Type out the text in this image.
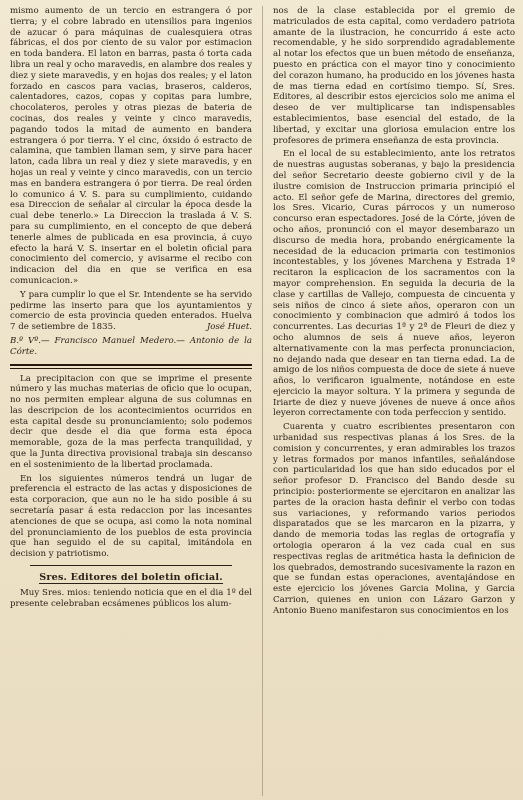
mismo aumento de un tercio en estrangera ó por tierra; y el cobre labrado en utensilios para ingenios de azucar ó para máquinas de cualesquiera otras fábricas, el dos por ciento de su valor por estimacion en toda bandera. El laton en barras, pasta ó torta cada libra un real y ocho maravedis, en alambre dos reales y diez y siete maravedis, y en hojas dos reales; y el laton forzado en cascos para vacias, braseros, calderos, calentadores, cazos, copas y copitas para lumbre, chocolateros, peroles y otras piezas de bateria de cocinas, dos reales y veinte y cinco maravedis, pagando todos la mitad de aumento en bandera estrangera ó por tierra. Y el cinc, óxsido ó estracto de calamina, que tambien llaman sem, y sirve para hacer laton, cada libra un real y diez y siete maravedis, y en hojas un real y veinte y cinco maravedis, con un tercio mas en bandera estrangera ó por tierra. De real órden lo comunico á V. S. para su cumplimiento, cuidando esa Direccion de señalar al circular la época desde la cual debe tenerlo.» La Direccion la traslada á V. S. para su cumplimiento, en el concepto de que deberá tenerle almes de publicada en esa provincia, á cuyo efecto la hará V. S. insertar en el boletin oficial para conocimiento del comercio, y avisarme el recibo con indicacion del dia en que se verifica en esa comunicacion.»

Y para cumplir lo que el Sr. Intendente se ha servido pedirme las inserto para que los ayuntamientos y comercio de esta provincia queden enterados. Huelva 7 de setiembre de 1835.	José Huet.

B.º Vº.— Francisco Manuel Medero.— Antonio de la Córte.

La precipitacion con que se imprime el presente número y las muchas materias de oficio que lo ocupan, no nos permiten emplear alguna de sus columnas en las descripcion de los acontecimientos ocurridos en esta capital desde su pronunciamiento; solo podemos decir que desde el dia que forma esta época memorable, goza de la mas perfecta tranquilidad, y que la Junta directiva provisional trabaja sin descanso en el sostenimiento de la libertad proclamada.

En los siguientes números tendrá un lugar de preferencia el estracto de las actas y disposiciones de esta corporacion, que aun no le ha sido posible á su secretaría pasar á esta redaccion por las incesantes atenciones de que se ocupa, asi como la nota nominal del pronunciamiento de los pueblos de esta provincia que han seguido el de su capital, imitándola en decision y patriotismo.

Sres. Editores del boletin oficial.

Muy Sres. mios: teniendo noticia que en el dia 1º del presente celebraban ecsámenes públicos los alum-

nos de la clase establecida por el gremio de matriculados de esta capital, como verdadero patriota amante de la ilustracion, he concurrido á este acto recomendable, y he sido sorprendido agradablemente al notar los efectos que un buen método de enseñanza, puesto en práctica con el mayor tino y conocimiento del corazon humano, ha producido en los jóvenes hasta de mas tierna edad en cortísimo tiempo. Sí, Sres. Editores, al describir estos ejercicios solo me anima el deseo de ver multiplicarse tan indispensables establecimientos, base esencial del estado, de la libertad, y excitar una gloriosa emulacion entre los profesores de primera enseñanza de esta provincia.

En el local de su establecimiento, ante los retratos de nuestras augustas soberanas, y bajo la presidencia del señor Secretario deeste gobierno civil y de la ilustre comision de Instruccion primaria principió el acto. El señor gefe de Marina, directores del gremio, los Sres. Vicario, Curas párrocos y un numeroso concurso eran espectadores. José de la Córte, jóven de ocho años, pronunció con el mayor desembarazo un discurso de media hora, probando enérgicamente la necesidad de la educacion primaria con testimonios incontestables, y los jóvenes Marchena y Estrada 1º recitaron la esplicacion de los sacramentos con la mayor comprehension. En seguida la decuria de la clase y cartillas de Vallejo, compuesta de cincuenta y seis niños de cinco á siete años, operaron con un conocimiento y combinacion que admiró á todos los concurrentes. Las decurias 1ª y 2ª de Fleuri de diez y ocho alumnos de seis á nueve años, leyeron alternativamente con la mas perfecta pronunciacion, no dejando nada que desear en tan tierna edad. La de amigo de los niños compuesta de doce de siete á nueve años, lo verificaron igualmente, notándose en este ejercicio la mayor soltura. Y la primera y segunda de Iriarte de diez y nueve jóvenes de nueve á once años leyeron correctamente con toda perfeccion y sentido.

Cuarenta y cuatro escribientes presentaron con urbanidad sus respectivas planas á los Sres. de la comision y concurrentes, y eran admirables los trazos y letras formados por manos infantiles, señalándose con particularidad los que han sido educados por el señor profesor D. Francisco del Bando desde su principio: posteriormente se ejercitaron en analizar las partes de la oracion hasta definir el verbo con todas sus variaciones, y reformando varios periodos disparatados que se les marcaron en la pizarra, y dando de memoria todas las reglas de ortografía y ortologia operaron á la vez cada cual en sus respectivas reglas de aritmética hasta la definicion de los quebrados, demostrando sucesivamente la razon en que se fundan estas operaciones, aventajándose en este ejercicio los jóvenes Garcia Molina, y Garcia Carrion, quienes en union con Lázaro Garzon y Antonio Bueno manifestaron sus conocimientos en los
